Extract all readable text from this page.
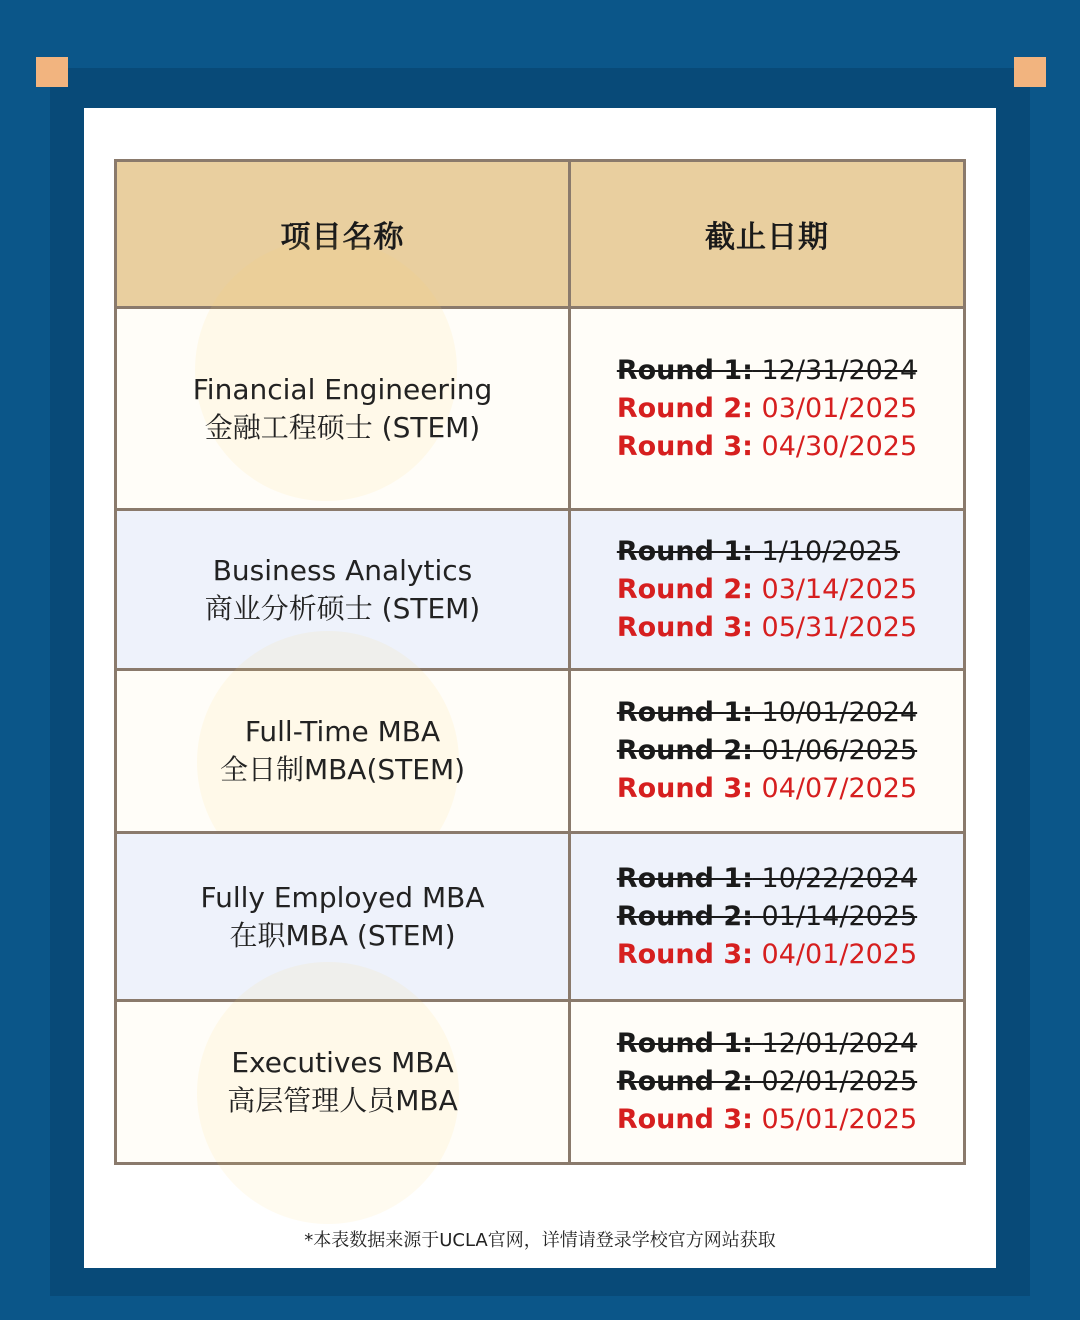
项目名称	截止日期
Financial Engineering
金融工程硕士 (STEM)
Round 1: 12/31/2024
Round 2: 03/01/2025
Round 3: 04/30/2025
Business Analytics
商业分析硕士 (STEM)
Round 1: 1/10/2025
Round 2: 03/14/2025
Round 3: 05/31/2025
Full-Time MBA
全日制MBA(STEM)
Round 1: 10/01/2024
Round 2: 01/06/2025
Round 3: 04/07/2025
Fully Employed MBA
在职MBA (STEM)
Round 1: 10/22/2024
Round 2: 01/14/2025
Round 3: 04/01/2025
Executives MBA
高层管理人员MBA
Round 1: 12/01/2024
Round 2: 02/01/2025
Round 3: 05/01/2025
*本表数据来源于UCLA官网，详情请登录学校官方网站获取
